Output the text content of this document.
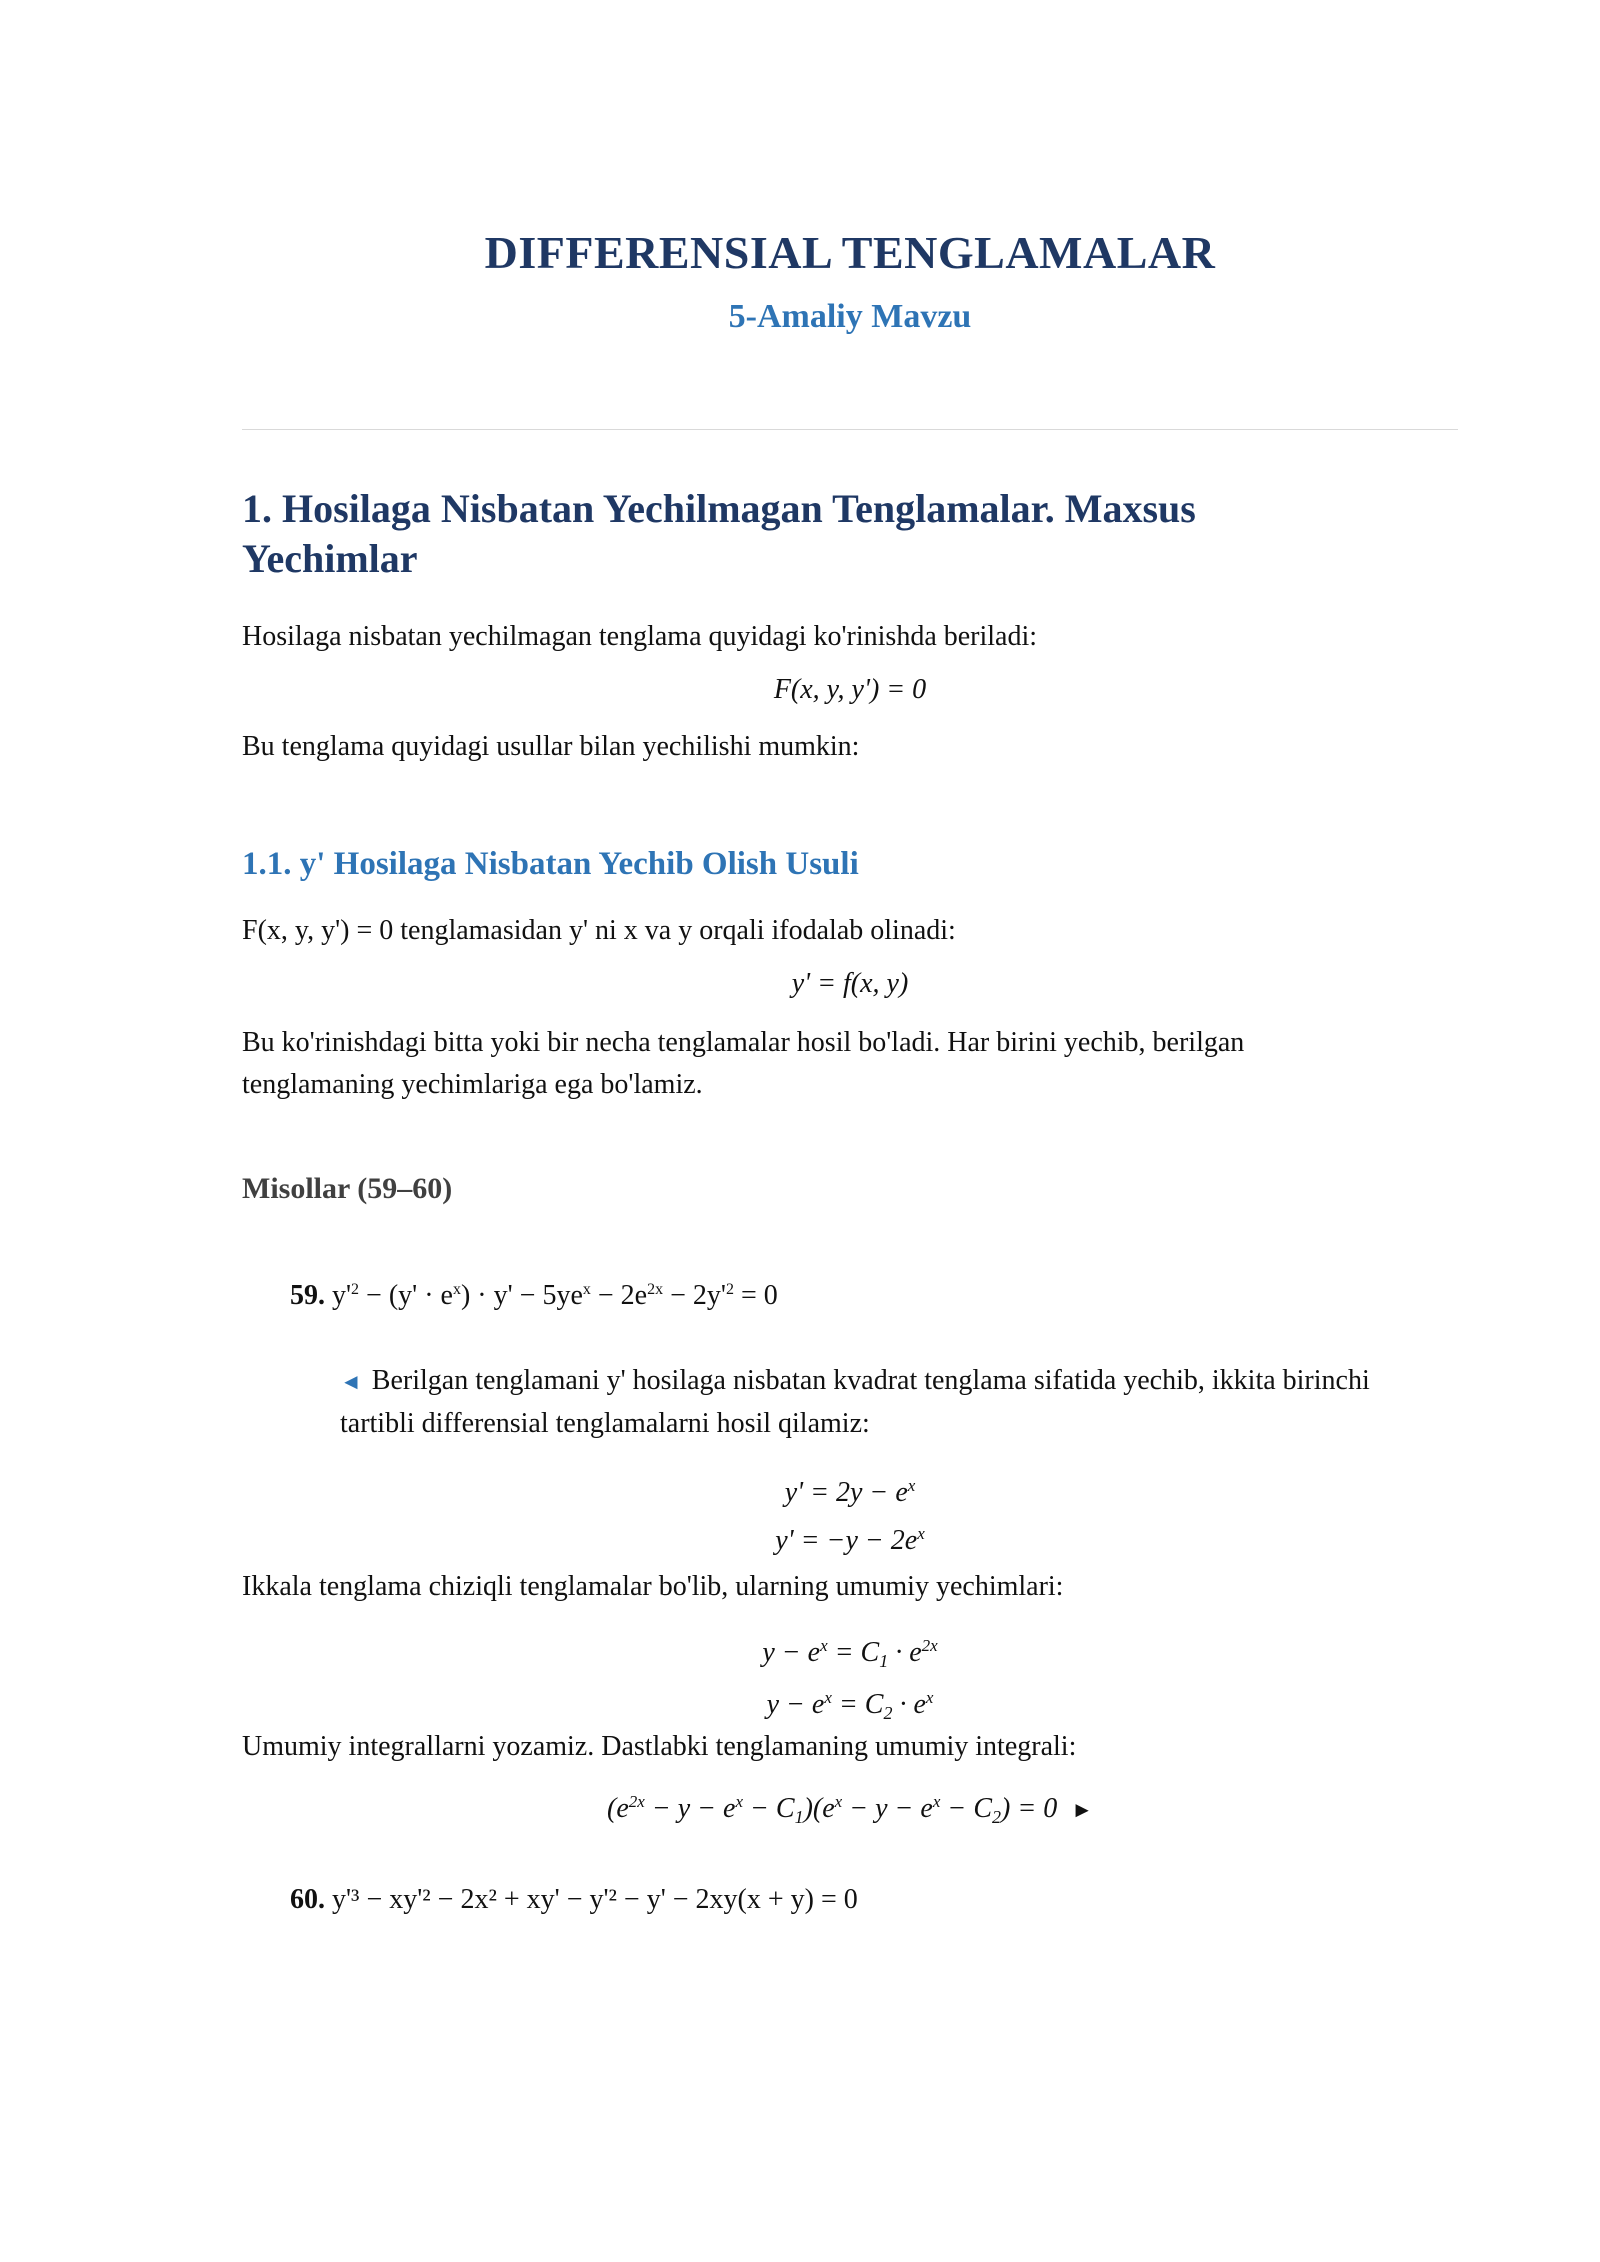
DIFFERENSIAL TENGLAMALAR
5-Amaliy Mavzu
1. Hosilaga Nisbatan Yechilmagan Tenglamalar. Maxsus
Yechimlar

Hosilaga nisbatan yechilmagan tenglama quyidagi ko'rinishda beriladi:

F(x, y, y') = 0

Bu tenglama quyidagi usullar bilan yechilishi mumkin:

1.1. y' Hosilaga Nisbatan Yechib Olish Usuli

F(x, y, y') = 0 tenglamasidan y' ni x va y orqali ifodalab olinadi:

y' = f(x, y)

Bu ko'rinishdagi bitta yoki bir necha tenglamalar hosil bo'ladi. Har birini yechib, berilgan
tenglamaning yechimlariga ega bo'lamiz.

Misollar (59–60)

59. $y'^2 - (y' \cdot e^x) \cdot y' - 5ye^x - 2e^{2x} - 2y'^2 = 0$

◄ Berilgan tenglamani y' hosilaga nisbatan kvadrat tenglama sifatida yechib, ikkita birinchi
tartibli differensial tenglamalarni hosil qilamiz:

$y' = 2y - e^x$

$y' = -y - 2e^x$

Ikkala tenglama chiziqli tenglamalar bo'lib, ularning umumiy yechimlari:

$y - e^x = C_1 \cdot e^{2x}$

$y - e^x = C_2 \cdot e^x$

Umumiy integrallarni yozamiz. Dastlabki tenglamaning umumiy integrali:

$(e^{2x} - y - e^x - C_1)(e^x - y - e^x - C_2) = 0$ ►

60. y'³ − xy'² − 2x² + xy' − y'² − y' − 2xy(x + y) = 0
